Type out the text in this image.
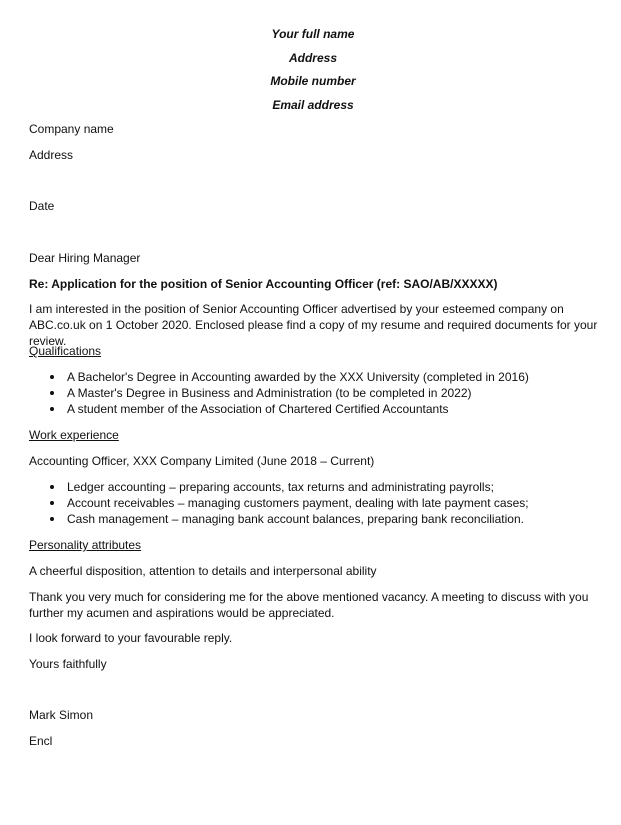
Your full name
Address
Mobile number
Email address
Company name
Address
Date
Dear Hiring Manager
Re: Application for the position of Senior Accounting Officer (ref: SAO/AB/XXXXX)
I am interested in the position of Senior Accounting Officer advertised by your esteemed company on ABC.co.uk on 1 October 2020. Enclosed please find a copy of my resume and required documents for your review.
Qualifications
A Bachelor's Degree in Accounting awarded by the XXX University (completed in 2016)
A Master's Degree in Business and Administration (to be completed in 2022)
A student member of the Association of Chartered Certified Accountants
Work experience
Accounting Officer, XXX Company Limited (June 2018 – Current)
Ledger accounting – preparing accounts, tax returns and administrating payrolls;
Account receivables – managing customers payment, dealing with late payment cases;
Cash management – managing bank account balances, preparing bank reconciliation.
Personality attributes
A cheerful disposition, attention to details and interpersonal ability
Thank you very much for considering me for the above mentioned vacancy. A meeting to discuss with you further my acumen and aspirations would be appreciated.
I look forward to your favourable reply.
Yours faithfully
Mark Simon
Encl
